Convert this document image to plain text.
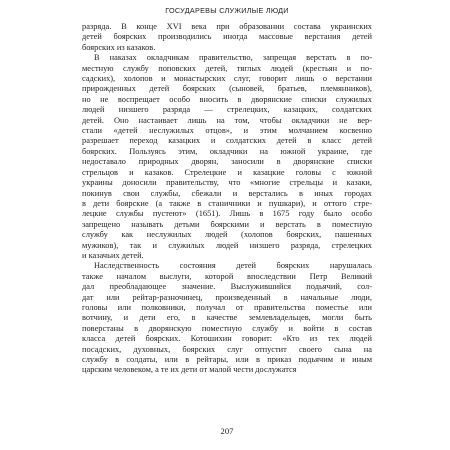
ГОСУДАРЕВЫ СЛУЖИЛЫЕ ЛЮДИ
разряда. В конце XVI века при образовании состава украинских
детей боярских производились иногда массовые верстания детей
боярских из казаков.
В наказах окладчикам правительство, запрещая верстать в по-
местную службу поповских детей, тяглых людей (крестьян и по-
садских), холопов и монастырских слуг, говорит лишь о верстании
прирожденных детей боярских (сыновей, братьев, племянников),
но не воспрещает особо вносить в дворянские списки служилых
людей низшего разряда — стрелецких, казацких, солдатских
детей. Оно настаивает лишь на том, чтобы окладчики не вер-
стали «детей неслужилых отцов», и этим молчанием косвенно
разрешает переход казацких и солдатских детей в класс детей
боярских. Пользуясь этим, окладчики на южной украине, где
недоставало природных дворян, заносили в дворянские списки
стрельцов и казаков. Стрелецкие и казацкие головы с южной
украины доносили правительству, что «многие стрельцы и казаки,
покинув свои службы, сбежали и верстались в иных городах
в дети боярские (а также в станичники и пушкари), и оттого стре-
лецкие службы пустеют» (1651). Лишь в 1675 году было особо
запрещено называть детьми боярскими и верстать в поместную
службу как неслужилых людей (холопов боярских, пашенных
мужиков), так и служилых людей низшего разряда, стрелецких
и казачьих детей.
Наследственность состояния детей боярских нарушалась
также началом выслуги, которой впоследствии Петр Великий
дал преобладающее значение. Выслужившийся подьячий, сол-
дат или рейтар-разночинец, произведенный в начальные люди,
головы или полковники, получал от правительства поместье или
вотчину, и дети его, в качестве землевладельцев, могли быть
поверстаны в дворянскую поместную службу и войти в состав
класса детей боярских. Котошихин говорит: «Кто из тех людей
посадских, духовных, боярских слуг отпустит своего сына на
службу в солдаты, или в рейтары, или в приказ подьячим и иным
царским человеком, а те их дети от малой чести дослужатся
207
